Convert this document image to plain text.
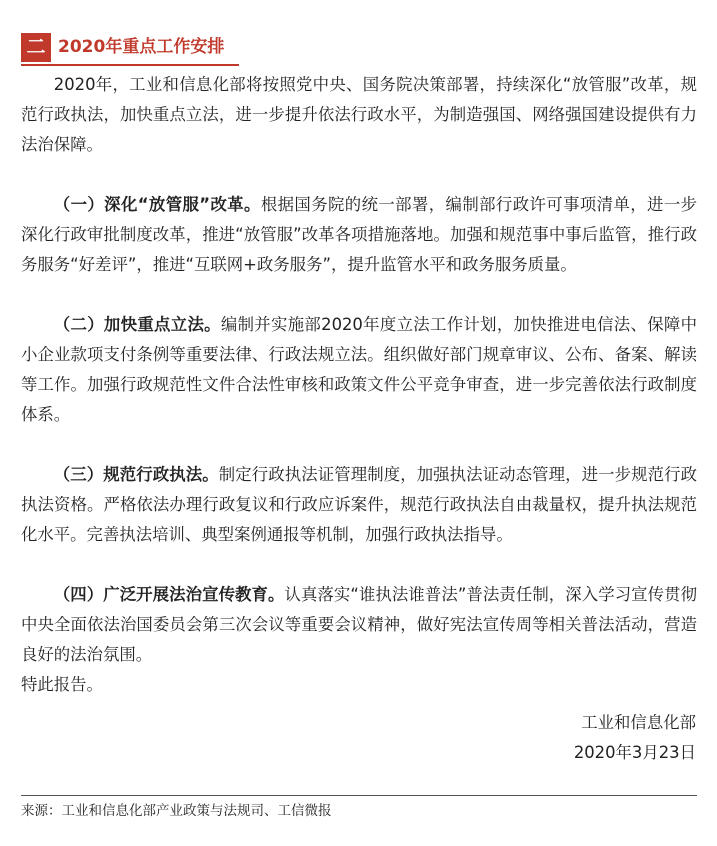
二 2020年重点工作安排

2020年，工业和信息化部将按照党中央、国务院决策部署，持续深化“放管服”改革，规范行政执法，加快重点立法，进一步提升依法行政水平，为制造强国、网络强国建设提供有力法治保障。

（一）深化“放管服”改革。根据国务院的统一部署，编制部行政许可事项清单，进一步深化行政审批制度改革，推进“放管服”改革各项措施落地。加强和规范事中事后监管，推行政务服务“好差评”，推进“互联网+政务服务”，提升监管水平和政务服务质量。

（二）加快重点立法。编制并实施部2020年度立法工作计划，加快推进电信法、保障中小企业款项支付条例等重要法律、行政法规立法。组织做好部门规章审议、公布、备案、解读等工作。加强行政规范性文件合法性审核和政策文件公平竞争审查，进一步完善依法行政制度体系。

（三）规范行政执法。制定行政执法证管理制度，加强执法证动态管理，进一步规范行政执法资格。严格依法办理行政复议和行政应诉案件，规范行政执法自由裁量权，提升执法规范化水平。完善执法培训、典型案例通报等机制，加强行政执法指导。

（四）广泛开展法治宣传教育。认真落实“谁执法谁普法”普法责任制，深入学习宣传贯彻中央全面依法治国委员会第三次会议等重要会议精神，做好宪法宣传周等相关普法活动，营造良好的法治氛围。

特此报告。

工业和信息化部
2020年3月23日
来源：工业和信息化部产业政策与法规司、工信微报
